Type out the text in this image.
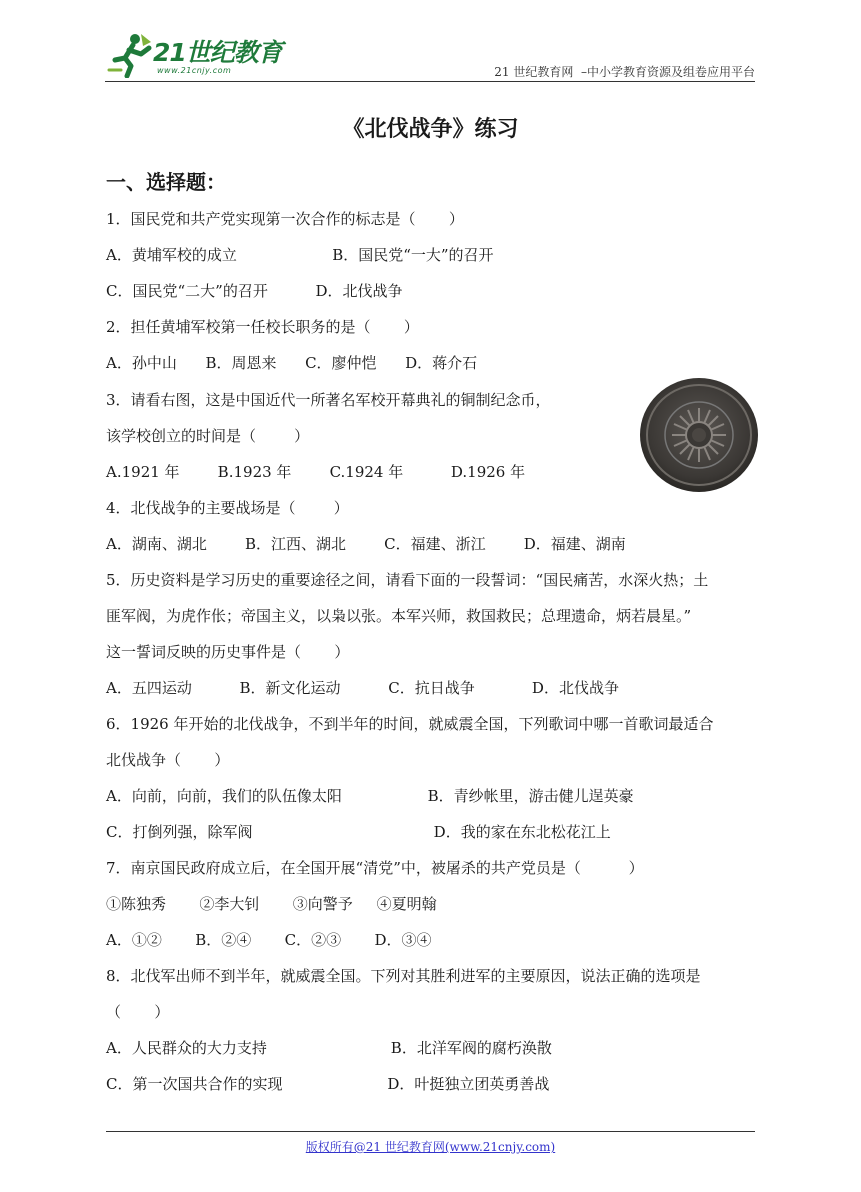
21世纪教育
www.21cnjy.com	21 世纪教育网  –中小学教育资源及组卷应用平台
《北伐战争》练习
一、选择题：
1．国民党和共产党实现第一次合作的标志是（       ）
A．黄埔军校的成立                    B．国民党“一大”的召开
C．国民党“二大”的召开          D．北伐战争
2．担任黄埔军校第一任校长职务的是（       ）
A．孙中山      B．周恩来      C．廖仲恺      D．蒋介石
3．请看右图，这是中国近代一所著名军校开幕典礼的铜制纪念币，
该学校创立的时间是（        ）
A.1921 年        B.1923 年        C.1924 年          D.1926 年
4．北伐战争的主要战场是（        ）
A．湖南、湖北        B．江西、湖北        C．福建、浙江        D．福建、湖南
5．历史资料是学习历史的重要途径之间，请看下面的一段誓词：“国民痛苦，水深火热；土
匪军阀，为虎作伥；帝国主义，以枭以张。本军兴师，救国救民；总理遗命，炳若晨星。”
这一誓词反映的历史事件是（       ）
A．五四运动          B．新文化运动          C．抗日战争            D．北伐战争
6．1926 年开始的北伐战争，不到半年的时间，就威震全国，下列歌词中哪一首歌词最适合
北伐战争（       ）
A．向前，向前，我们的队伍像太阳                  B．青纱帐里，游击健儿逞英豪
C．打倒列强，除军阀                                      D．我的家在东北松花江上
7．南京国民政府成立后，在全国开展“清党”中，被屠杀的共产党员是（          ）
①陈独秀       ②李大钊       ③向警予     ④夏明翰
A．①②       B．②④       C．②③       D．③④
8．北伐军出师不到半年，就威震全国。下列对其胜利进军的主要原因，说法正确的选项是
（       ）
A．人民群众的大力支持                          B．北洋军阀的腐朽涣散
C．第一次国共合作的实现                      D．叶挺独立团英勇善战
版权所有@21 世纪教育网(www.21cnjy.com)
